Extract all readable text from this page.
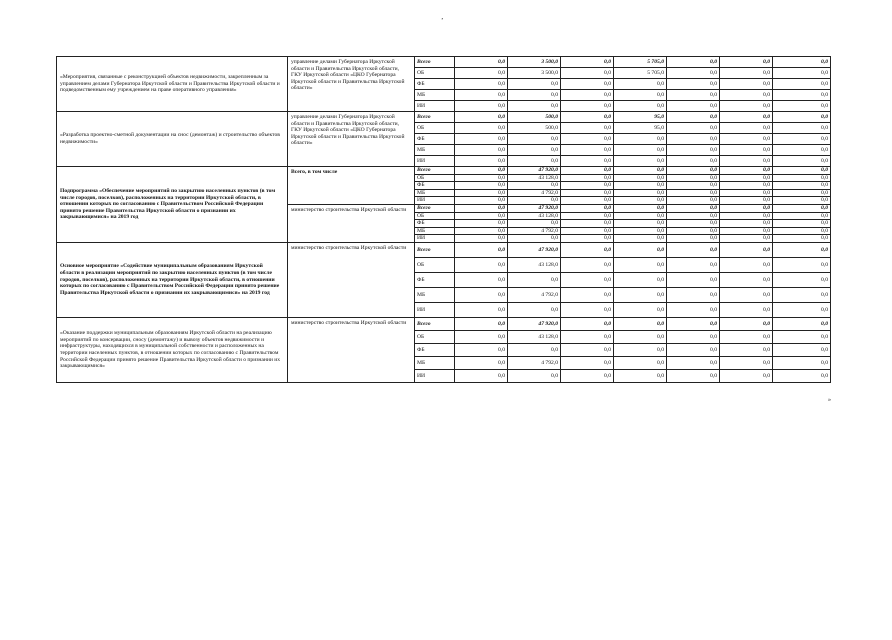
ʼ
«Мероприятия, связанные с реконструкцией объектов недвижимости, закрепленным за управлением делами Губернатора Иркутской области и Правительства Иркутской области и подведомственным ему учреждением на праве оперативного управления»	управление делами Губернатора Иркутской области и Правительства Иркутской области,
ГКУ Иркутской области «ЦКО Губернатора Иркутской области и Правительства Иркутской области»	Всего	0,0	3 500,0	0,0	5 705,0	0,0	0,0	0,0
		ОБ	0,0	3 500,0	0,0	5 705,0	0,0	0,0	0,0
		ФБ	0,0	0,0	0,0	0,0	0,0	0,0	0,0
		МБ	0,0	0,0	0,0	0,0	0,0	0,0	0,0
		ИИ	0,0	0,0	0,0	0,0	0,0	0,0	0,0
«Разработка проектно-сметной документации на снос (демонтаж) и строительство объектов недвижимости»	управление делами Губернатора Иркутской области и Правительства Иркутской области,
ГКУ Иркутской области «ЦКО Губернатора Иркутской области и Правительства Иркутской области»	Всего	0,0	500,0	0,0	95,0	0,0	0,0	0,0
		ОБ	0,0	500,0	0,0	95,0	0,0	0,0	0,0
		ФБ	0,0	0,0	0,0	0,0	0,0	0,0	0,0
		МБ	0,0	0,0	0,0	0,0	0,0	0,0	0,0
		ИИ	0,0	0,0	0,0	0,0	0,0	0,0	0,0
Подпрограмма «Обеспечение мероприятий по закрытию населенных пунктов (в том числе городов, поселков), расположенных на территории Иркутской области, в отношении которых по согласованию с Правительством Российской Федерации принято решение Правительства Иркутской области о признании их закрывающимися» на 2019 год	Всего, в том числе	Всего	0,0	47 920,0	0,0	0,0	0,0	0,0	0,0
		ОБ	0,0	43 128,0	0,0	0,0	0,0	0,0	0,0
		ФБ	0,0	0,0	0,0	0,0	0,0	0,0	0,0
		МБ	0,0	4 792,0	0,0	0,0	0,0	0,0	0,0
		ИИ	0,0	0,0	0,0	0,0	0,0	0,0	0,0

	министерство строительства Иркутской области	Всего	0,0	47 920,0	0,0	0,0	0,0	0,0	0,0
		ОБ	0,0	43 128,0	0,0	0,0	0,0	0,0	0,0
		ФБ	0,0	0,0	0,0	0,0	0,0	0,0	0,0
		МБ	0,0	4 792,0	0,0	0,0	0,0	0,0	0,0
		ИИ	0,0	0,0	0,0	0,0	0,0	0,0	0,0
Основное мероприятие «Содействие муниципальным образованиям Иркутской области в реализации мероприятий по закрытию населенных пунктов (в том числе городов, поселков), расположенных на территории Иркутской области, в отношении которых по согласованию с Правительством Российской Федерации принято решение Правительства Иркутской области о признании их закрывающимися» на 2019 год	министерство строительства Иркутской области	Всего	0,0	47 920,0	0,0	0,0	0,0	0,0	0,0
		ОБ	0,0	43 128,0	0,0	0,0	0,0	0,0	0,0
		ФБ	0,0	0,0	0,0	0,0	0,0	0,0	0,0
		МБ	0,0	4 792,0	0,0	0,0	0,0	0,0	0,0
		ИИ	0,0	0,0	0,0	0,0	0,0	0,0	0,0
«Оказание поддержки муниципальным образованиям Иркутской области на реализацию мероприятий по консервации, сносу (демонтажу) и вывозу объектов недвижимости и инфраструктуры, находящихся в муниципальной собственности и расположенных на территории населенных пунктов, в отношении которых по согласованию с Правительством Российской Федерации принято решение Правительства Иркутской области о признании их закрывающимися»	министерство строительства Иркутской области	Всего	0,0	47 920,0	0,0	0,0	0,0	0,0	0,0
		ОБ	0,0	43 128,0	0,0	0,0	0,0	0,0	0,0
		ФБ	0,0	0,0	0,0	0,0	0,0	0,0	0,0
		МБ	0,0	4 792,0	0,0	0,0	0,0	0,0	0,0
		ИИ	0,0	0,0	0,0	0,0	0,0	0,0	0,0
»
